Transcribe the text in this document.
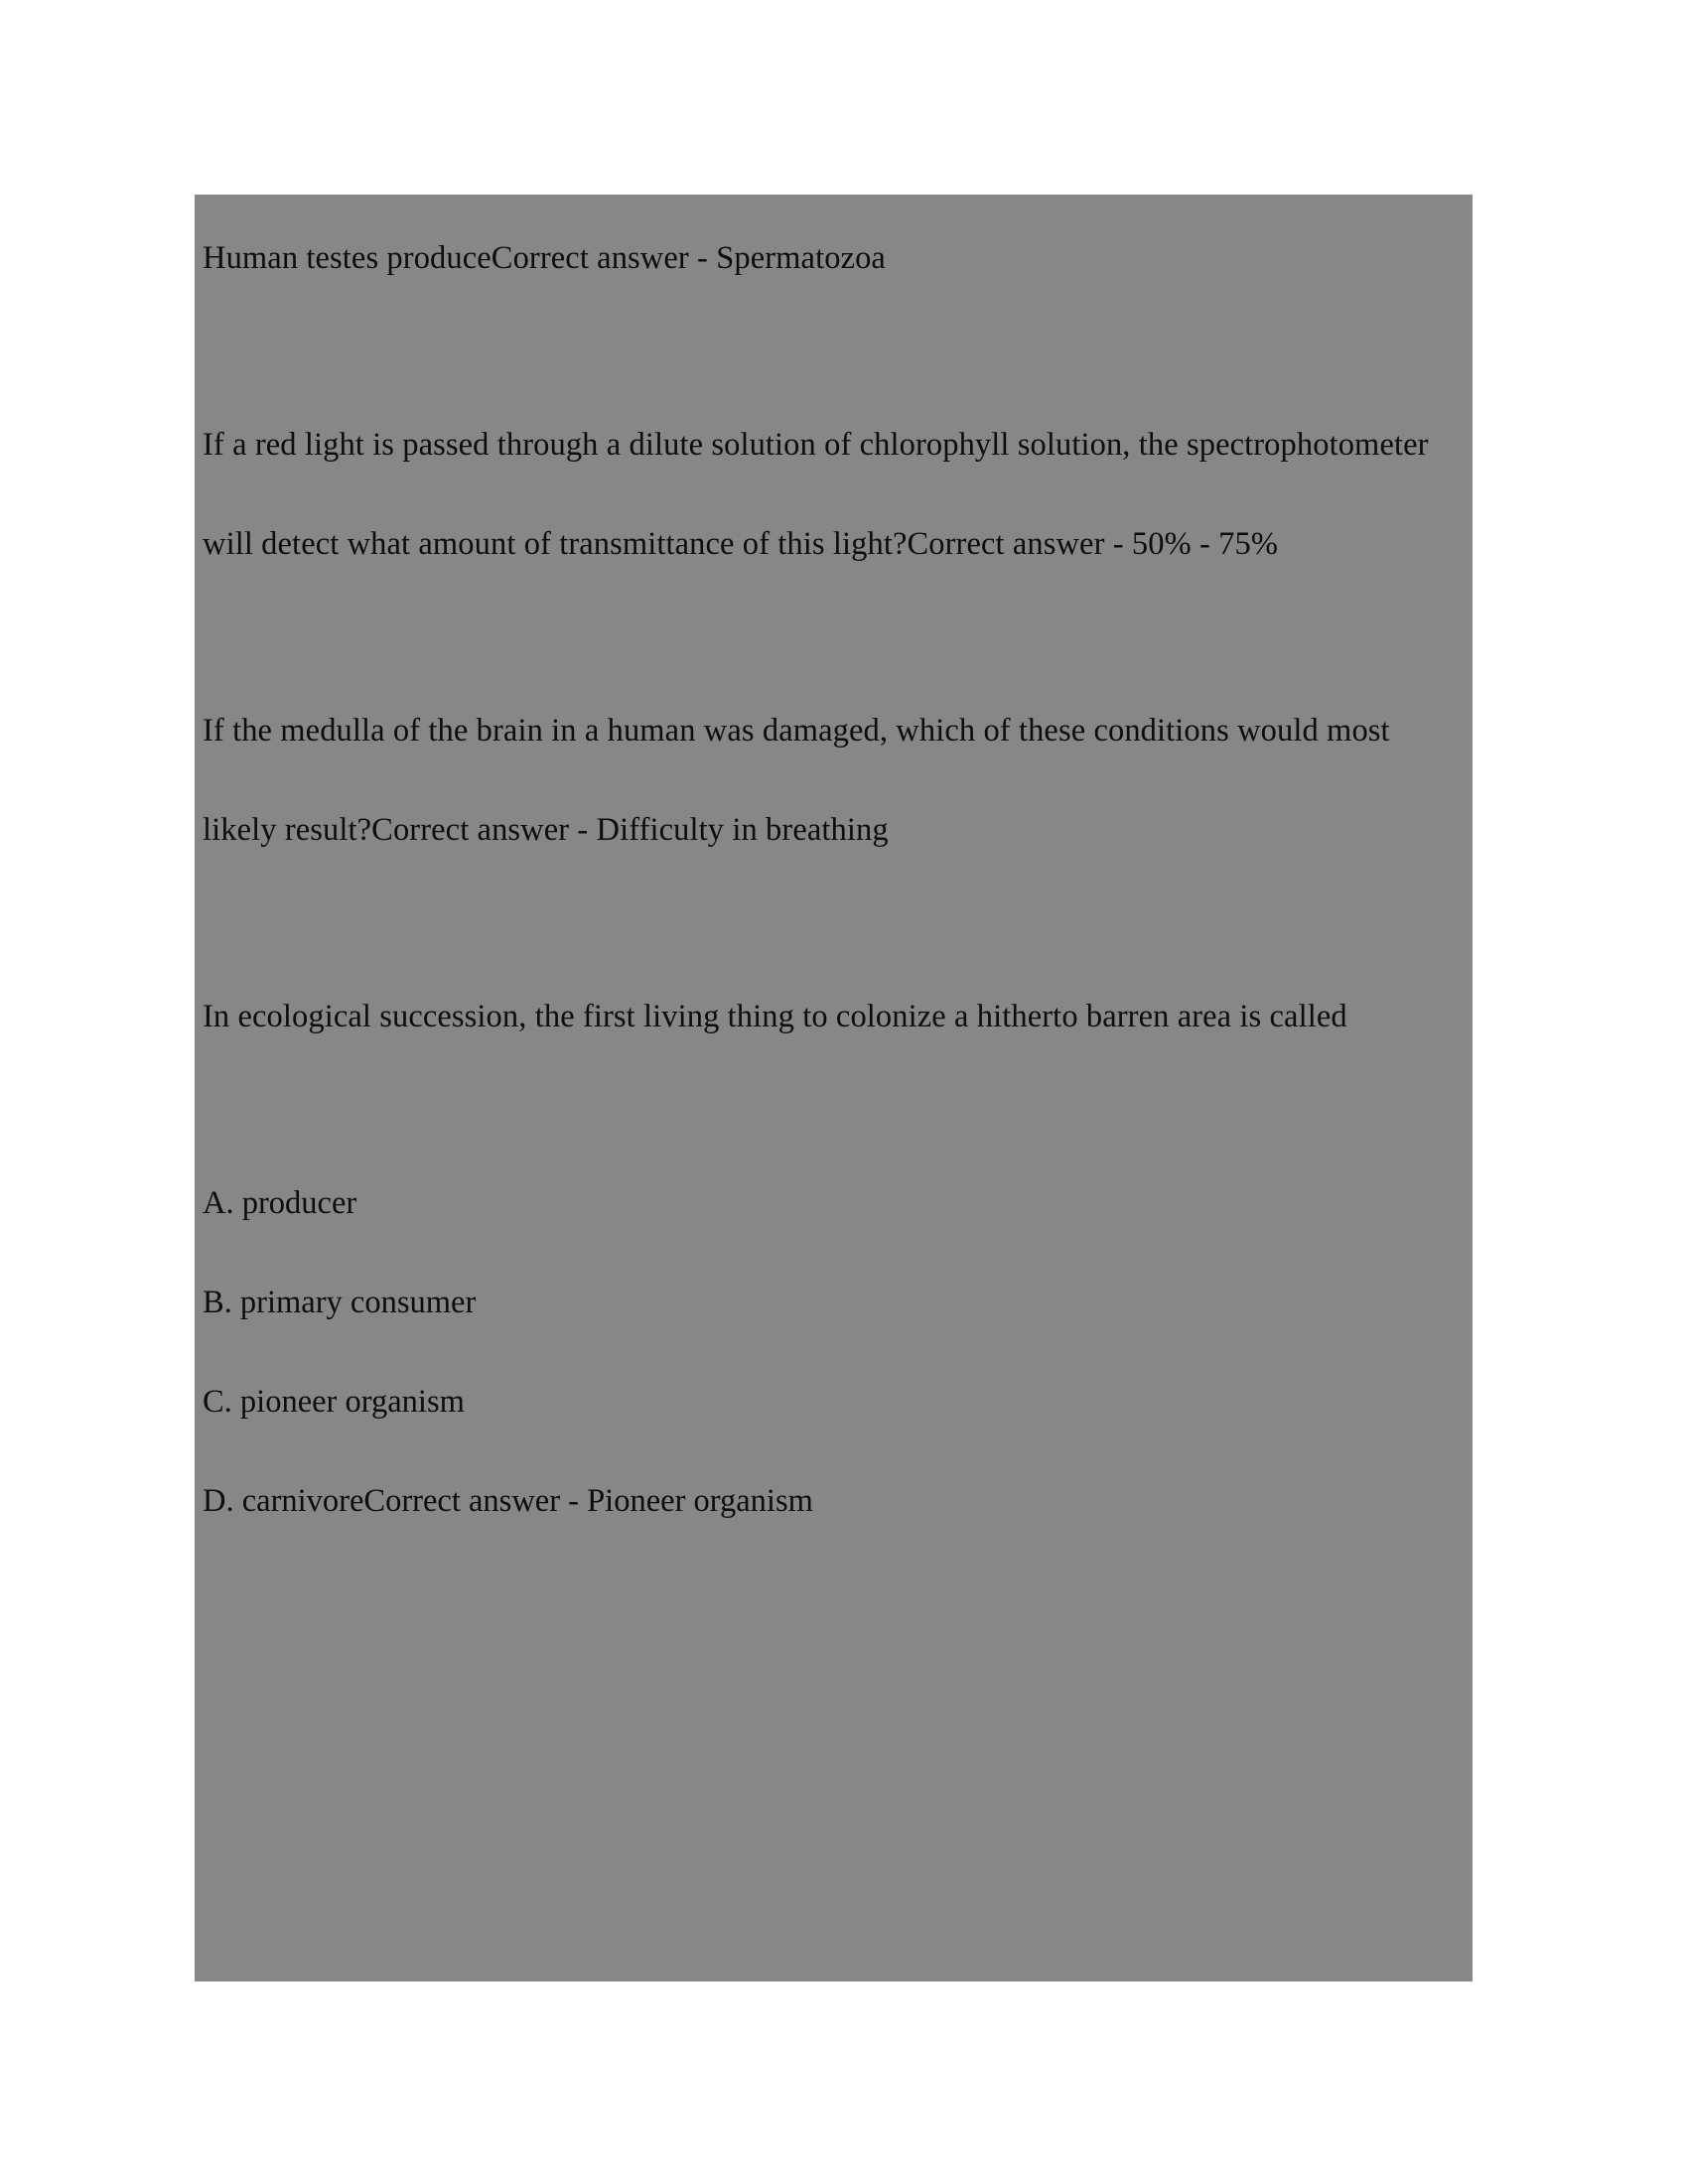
Human testes produceCorrect answer - Spermatozoa

If a red light is passed through a dilute solution of chlorophyll solution, the spectrophotometer will detect what amount of transmittance of this light?Correct answer - 50% - 75%

If the medulla of the brain in a human was damaged, which of these conditions would most likely result?Correct answer - Difficulty in breathing

In ecological succession, the first living thing to colonize a hitherto barren area is called

A. producer
B. primary consumer
C. pioneer organism
D. carnivoreCorrect answer - Pioneer organism
